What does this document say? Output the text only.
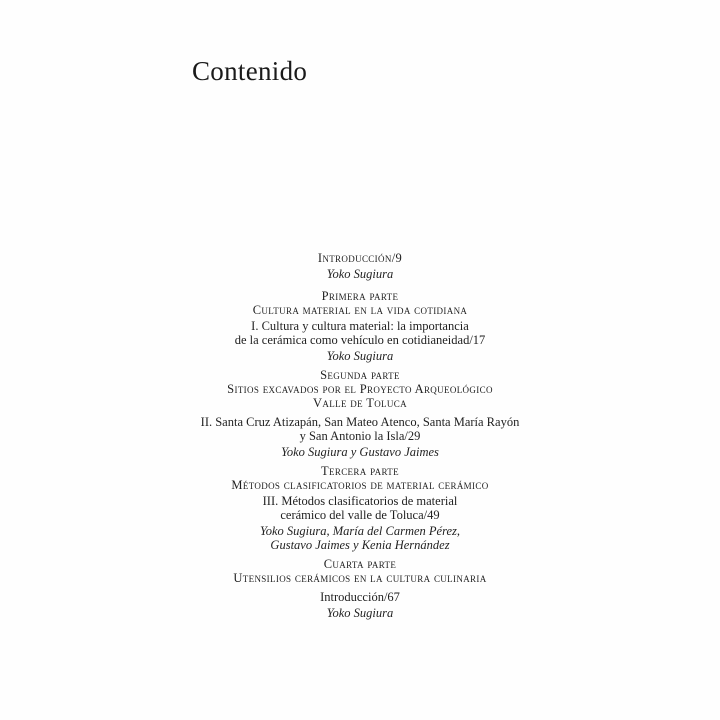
Contenido
Introducción/9
Yoko Sugiura
Primera parte
Cultura material en la vida cotidiana
I. Cultura y cultura material: la importancia
de la cerámica como vehículo en cotidianeidad/17
Yoko Sugiura
Segunda parte
Sitios excavados por el Proyecto Arqueológico
Valle de Toluca
II. Santa Cruz Atizapán, San Mateo Atenco, Santa María Rayón
y San Antonio la Isla/29
Yoko Sugiura y Gustavo Jaimes
Tercera parte
Métodos clasificatorios de material cerámico
III. Métodos clasificatorios de material
cerámico del valle de Toluca/49
Yoko Sugiura, María del Carmen Pérez,
Gustavo Jaimes y Kenia Hernández
Cuarta parte
Utensilios cerámicos en la cultura culinaria
Introducción/67
Yoko Sugiura
